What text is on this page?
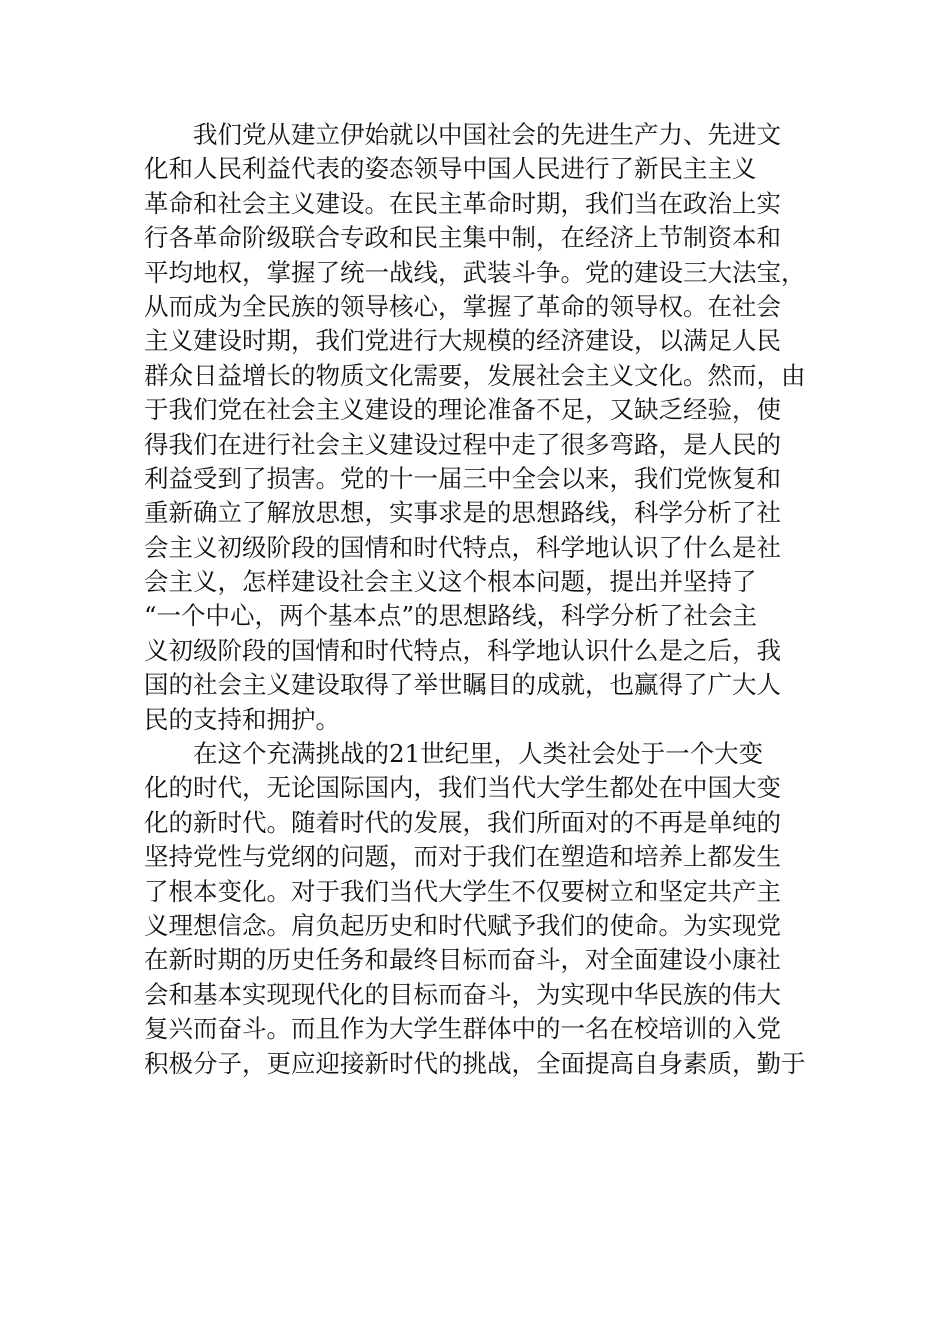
　　我们党从建立伊始就以中国社会的先进生产力、先进文
化和人民利益代表的姿态领导中国人民进行了新民主主义
革命和社会主义建设。在民主革命时期，我们当在政治上实
行各革命阶级联合专政和民主集中制，在经济上节制资本和
平均地权，掌握了统一战线，武装斗争。党的建设三大法宝，
从而成为全民族的领导核心，掌握了革命的领导权。在社会
主义建设时期，我们党进行大规模的经济建设，以满足人民
群众日益增长的物质文化需要，发展社会主义文化。然而，由
于我们党在社会主义建设的理论准备不足，又缺乏经验，使
得我们在进行社会主义建设过程中走了很多弯路，是人民的
利益受到了损害。党的十一届三中全会以来，我们党恢复和
重新确立了解放思想，实事求是的思想路线，科学分析了社
会主义初级阶段的国情和时代特点，科学地认识了什么是社
会主义，怎样建设社会主义这个根本问题，提出并坚持了
“一个中心，两个基本点”的思想路线，科学分析了社会主
义初级阶段的国情和时代特点，科学地认识什么是之后，我
国的社会主义建设取得了举世瞩目的成就，也赢得了广大人
民的支持和拥护。
　　在这个充满挑战的21世纪里，人类社会处于一个大变
化的时代，无论国际国内，我们当代大学生都处在中国大变
化的新时代。随着时代的发展，我们所面对的不再是单纯的
坚持党性与党纲的问题，而对于我们在塑造和培养上都发生
了根本变化。对于我们当代大学生不仅要树立和坚定共产主
义理想信念。肩负起历史和时代赋予我们的使命。为实现党
在新时期的历史任务和最终目标而奋斗，对全面建设小康社
会和基本实现现代化的目标而奋斗，为实现中华民族的伟大
复兴而奋斗。而且作为大学生群体中的一名在校培训的入党
积极分子，更应迎接新时代的挑战，全面提高自身素质，勤于
